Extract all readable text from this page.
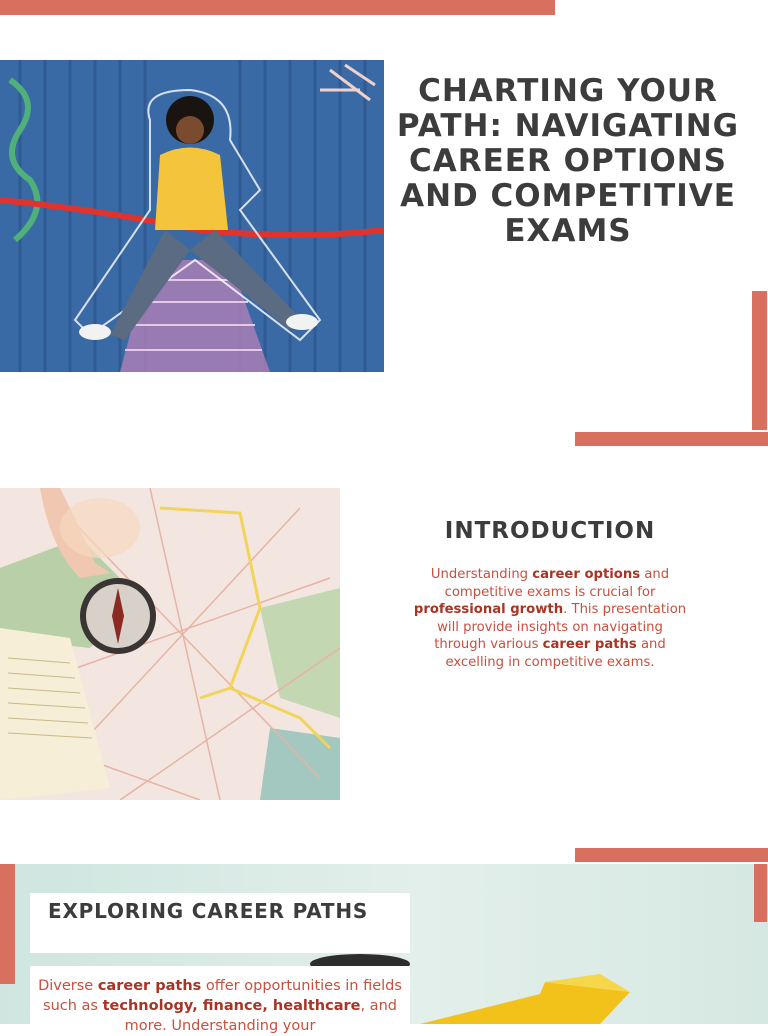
CHARTING YOUR PATH: NAVIGATING CAREER OPTIONS AND COMPETITIVE EXAMS
INTRODUCTION
Understanding career options and competitive exams is crucial for professional growth. This presentation will provide insights on navigating through various career paths and excelling in competitive exams.
EXPLORING CAREER PATHS
Diverse career paths offer opportunities in fields such as technology, finance, healthcare, and more. Understanding your
